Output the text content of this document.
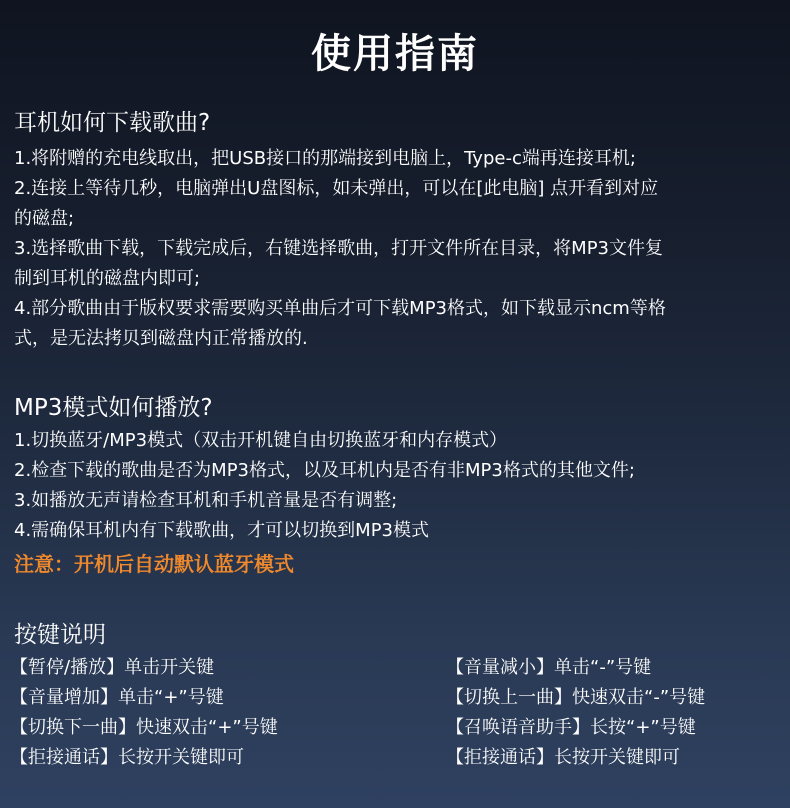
使用指南
耳机如何下载歌曲?
1.将附赠的充电线取出，把USB接口的那端接到电脑上，Type-c端再连接耳机;
2.连接上等待几秒，电脑弹出U盘图标，如未弹出，可以在[此电脑] 点开看到对应
的磁盘;
3.选择歌曲下载，下载完成后，右键选择歌曲，打开文件所在目录，将MP3文件复
制到耳机的磁盘内即可;
4.部分歌曲由于版权要求需要购买单曲后才可下载MP3格式，如下载显示ncm等格
式，是无法拷贝到磁盘内正常播放的.
MP3模式如何播放?
1.切换蓝牙/MP3模式（双击开机键自由切换蓝牙和内存模式）
2.检查下载的歌曲是否为MP3格式，以及耳机内是否有非MP3格式的其他文件;
3.如播放无声请检查耳机和手机音量是否有调整;
4.需确保耳机内有下载歌曲，才可以切换到MP3模式
注意：开机后自动默认蓝牙模式
按键说明
【暂停/播放】单击开关键
【音量增加】单击“+”号键
【切换下一曲】快速双击“+”号键
【拒接通话】长按开关键即可
【音量减小】单击“-”号键
【切换上一曲】快速双击“-”号键
【召唤语音助手】长按“+”号键
【拒接通话】长按开关键即可
